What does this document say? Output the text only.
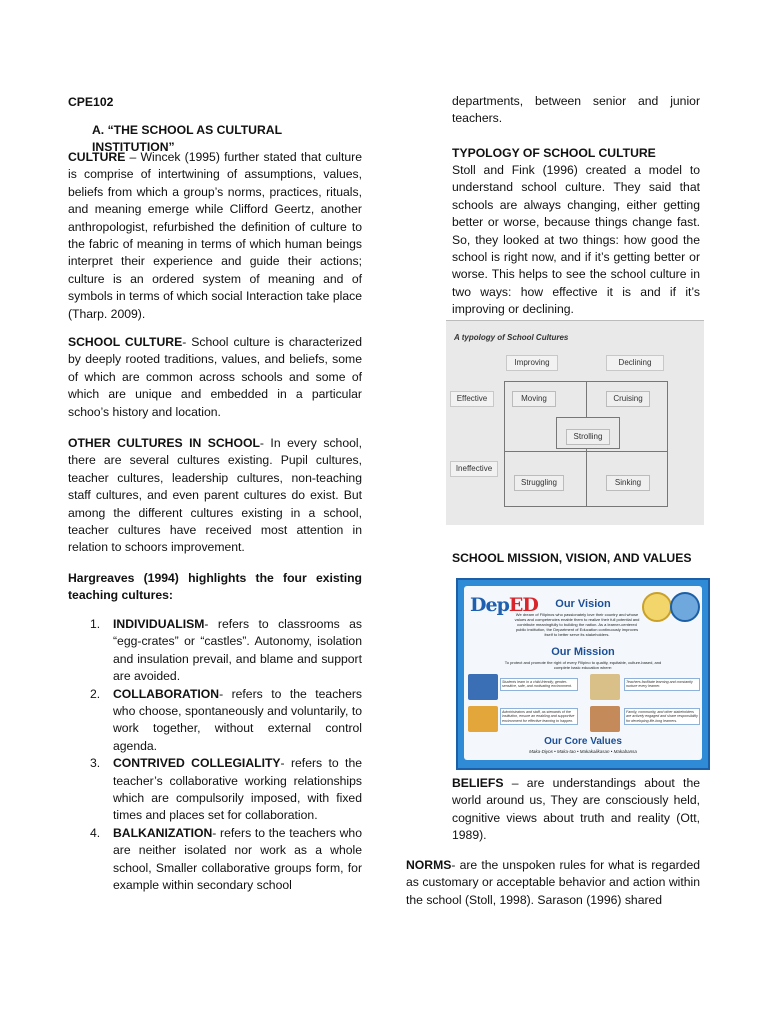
CPE102
A. “THE SCHOOL AS CULTURAL INSTITUTION”
CULTURE – Wincek (1995) further stated that culture is comprise of intertwining of assumptions, values, beliefs from which a group’s norms, practices, rituals, and meaning emerge while Clifford Geertz, another anthropologist, refurbished the definition of culture to the fabric of meaning in terms of which human beings interpret their experience and guide their actions; culture is an ordered system of meaning and of symbols in terms of which social Interaction take place (Tharp. 2009).
SCHOOL CULTURE- School culture is characterized by deeply rooted traditions, values, and beliefs, some of which are common across schools and some of which are unique and embedded in a particular schoo’s history and location.
OTHER CULTURES IN SCHOOL- In every school, there are several cultures existing. Pupil cultures, teacher cultures, leadership cultures, non-teaching staff cultures, and even parent cultures do exist. But among the different cultures existing in a school, teacher cultures have received most attention in relation to schoors improvement.
Hargreaves (1994) highlights the four existing teaching cultures:
1. INDIVIDUALISM- refers to classrooms as “egg-crates” or “castles”. Autonomy, isolation and insulation prevail, and blame and support are avoided.
2. COLLABORATION- refers to the teachers who choose, spontaneously and voluntarily, to work together, without external control agenda.
3. CONTRIVED COLLEGIALITY- refers to the teacher’s collaborative working relationships which are compulsorily imposed, with fixed times and places set for collaboration.
4. BALKANIZATION- refers to the teachers who are neither isolated nor work as a whole school, Smaller collaborative groups form, for example within secondary school
departments, between senior and junior teachers.
TYPOLOGY OF SCHOOL CULTURE
Stoll and Fink (1996) created a model to understand school culture. They said that schools are always changing, either getting better or worse, because things change fast. So, they looked at two things: how good the school is right now, and if it’s getting better or worse. This helps to see the school culture in two ways: how effective it is and if it’s improving or declining.
A typology of School Cultures
Improving	Declining
Effective
Ineffective
Moving	Cruising
Strolling
Struggling	Sinking
SCHOOL MISSION, VISION, AND VALUES
DepED	Our Vision
We dream of Filipinos who passionately love their country and whose values and competencies enable them to realize their full potential and contribute meaningfully to building the nation. As a learner-centered public institution, the Department of Education continuously improves itself to better serve its stakeholders.
Our Mission
To protect and promote the right of every Filipino to quality, equitable, culture-based, and complete basic education where:
Students learn in a child-friendly, gender-sensitive, safe, and motivating environment.
Teachers facilitate learning and constantly nurture every learner.
Administrators and staff, as stewards of the institution, ensure an enabling and supportive environment for effective learning to happen.
Family, community, and other stakeholders are actively engaged and share responsibility for developing life-long learners.
Our Core Values
Maka-Diyos • Maka-tao • Makakalikasan • Makabansa
BELIEFS – are understandings about the world around us, They are consciously held, cognitive views about truth and reality (Ott, 1989).
NORMS- are the unspoken rules for what is regarded as customary or acceptable behavior and action within the school (Stoll, 1998). Sarason (1996) shared
